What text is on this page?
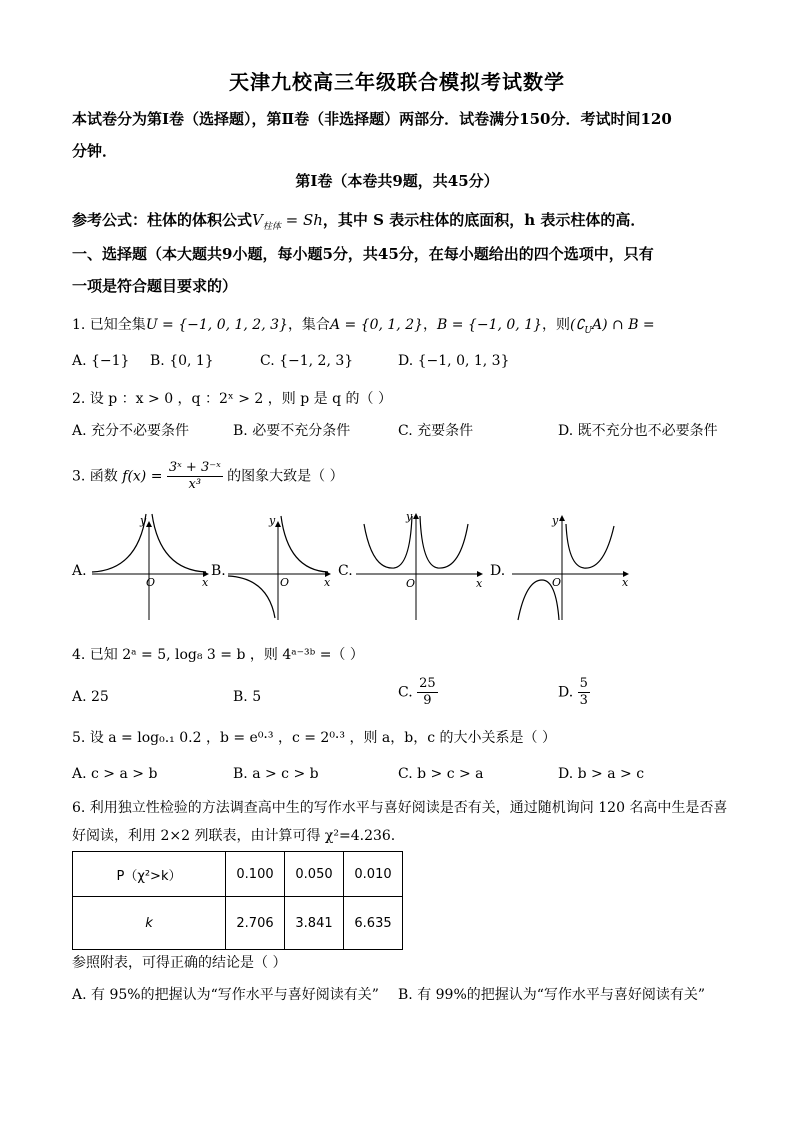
天津九校高三年级联合模拟考试数学
本试卷分为第Ⅰ卷（选择题），第Ⅱ卷（非选择题）两部分．试卷满分150分．考试时间120
分钟．
第Ⅰ卷（本卷共9题，共45分）
参考公式：柱体的体积公式$V_{柱体} = Sh$，其中 S 表示柱体的底面积，h 表示柱体的高．
一、选择题（本大题共9小题，每小题5分，共45分，在每小题给出的四个选项中，只有
一项是符合题目要求的）
1. 已知全集U = {−1, 0, 1, 2, 3}，集合A = {0, 1, 2}，B = {−1, 0, 1}，则$(∁_UA)$ ∩ B =
A. {−1} B. {0, 1}	C. {−1, 2, 3}	D. {−1, 0, 1, 3}
2. 设 p ：x > 0 ，q ：2ˣ > 2 ，则 p 是 q 的（ ）
A. 充分不必要条件	B. 必要不充分条件	C. 充要条件	D. 既不充分也不必要条件
3. 函数 $f(x) = \frac{\text{3ˣ + 3⁻ˣ}}{\text{x³}}$ 的图象大致是（ ）
A.	B.	C.	D.
y
x
O
y
x
O
y
x
O
y
x
O
4. 已知 2ᵃ = 5, log₈ 3 = b ，则 4ᵃ⁻³ᵇ =（ ）
A. 25	B. 5	C. $\frac{25}{9}$	D. $\frac{5}{3}$
5. 设 a = log₀.₁ 0.2 ，b = e⁰·³ ，c = 2⁰·³ ，则 a，b，c 的大小关系是（ ）
A. c > a > b	B. a > c > b	C. b > c > a	D. b > a > c
6. 利用独立性检验的方法调查高中生的写作水平与喜好阅读是否有关，通过随机询问 120 名高中生是否喜
好阅读，利用 2×2 列联表，由计算可得 χ²=4.236.
P（χ²>k）	0.100	0.050	0.010
k	2.706	3.841	6.635
参照附表，可得正确的结论是（ ）
A. 有 95%的把握认为“写作水平与喜好阅读有关” B. 有 99%的把握认为“写作水平与喜好阅读有关”
